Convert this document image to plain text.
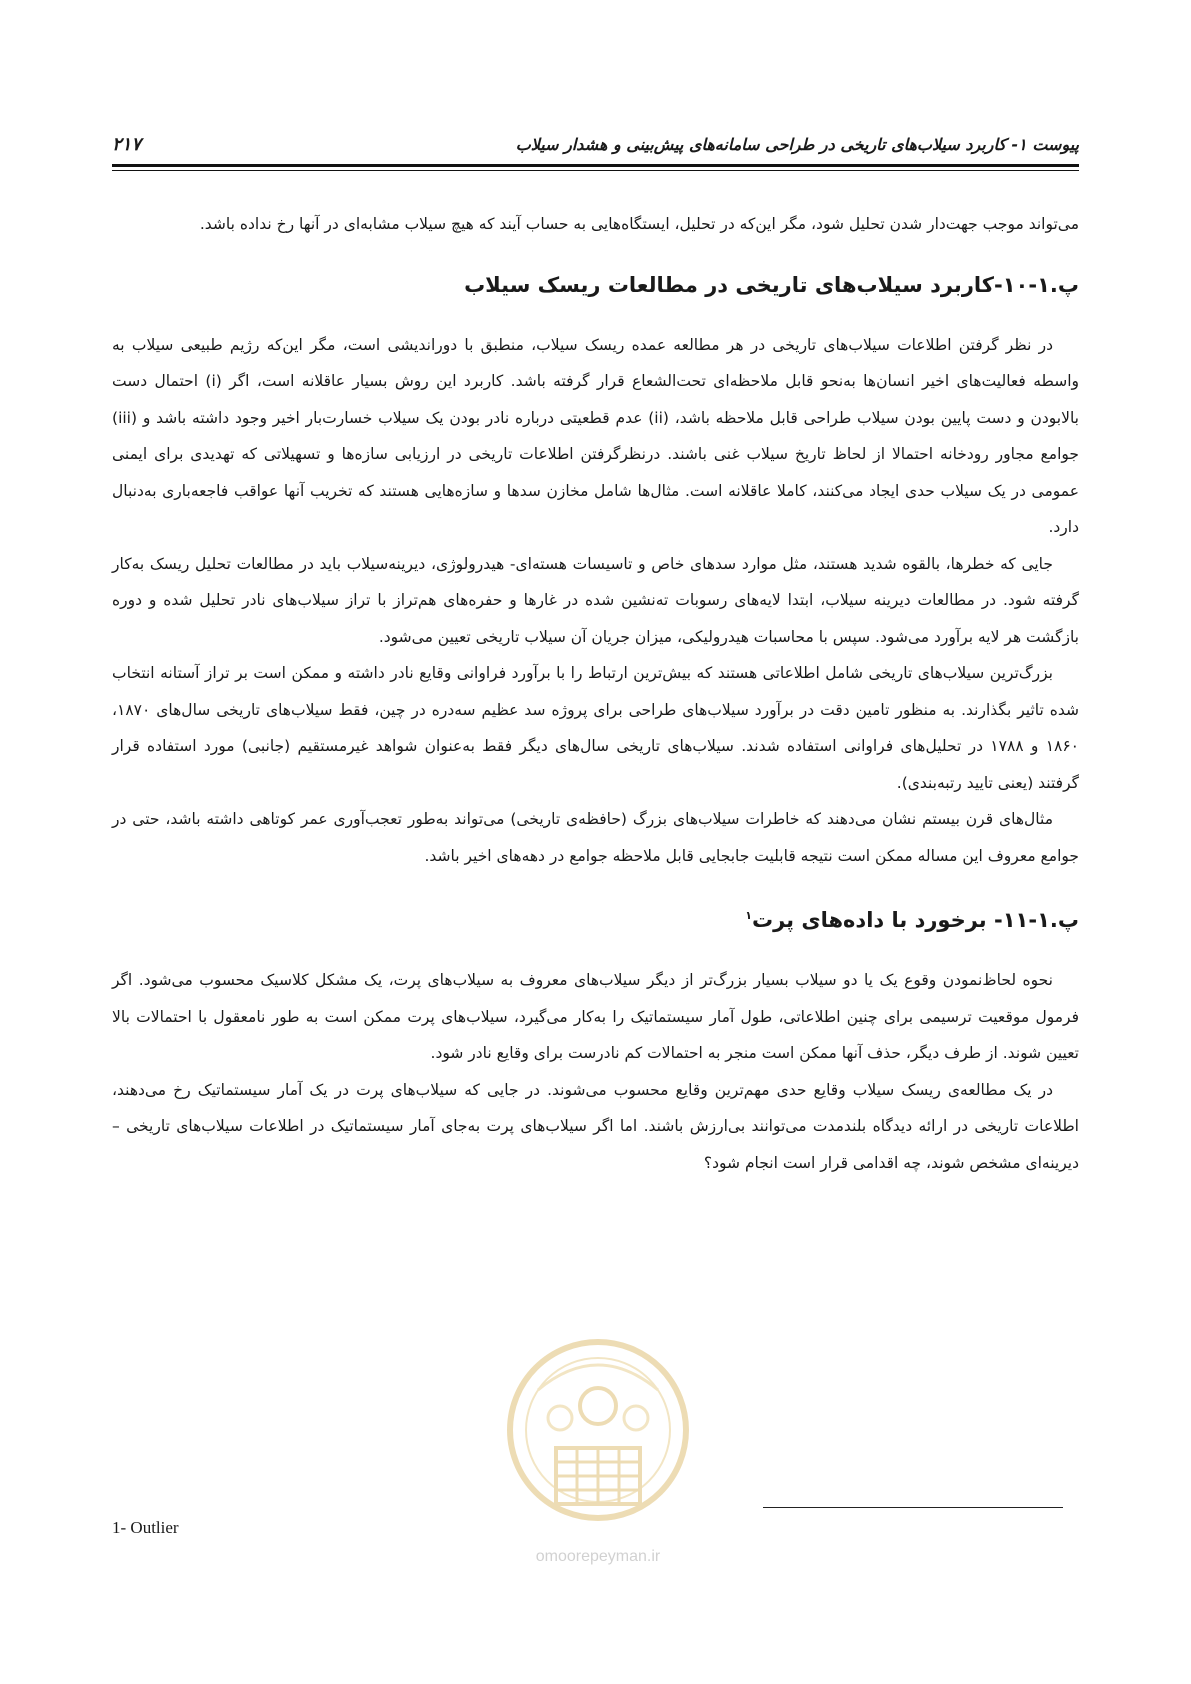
پیوست ۱- کاربرد سیلاب‌های تاریخی در طراحی سامانه‌های پیش‌بینی و هشدار سیلاب
۲۱۷

می‌تواند موجب جهت‌دار شدن تحلیل شود، مگر این‌که در تحلیل، ایستگاه‌هایی به حساب آیند که هیچ سیلاب مشابه‌ای در آنها رخ نداده باشد.

پ.۱-۱۰-کاربرد سیلاب‌های تاریخی در مطالعات ریسک سیلاب

در نظر گرفتن اطلاعات سیلاب‌های تاریخی در هر مطالعه عمده ریسک سیلاب، منطبق با دوراندیشی است، مگر این‌که رژیم طبیعی سیلاب به واسطه فعالیت‌های اخیر انسان‌ها به‌نحو قابل ملاحظه‌ای تحت‌الشعاع قرار گرفته باشد. کاربرد این روش بسیار عاقلانه است، اگر (i) احتمال دست بالابودن و دست پایین بودن سیلاب طراحی قابل ملاحظه باشد، (ii) عدم قطعیتی درباره نادر بودن یک سیلاب خسارت‌بار اخیر وجود داشته باشد و (iii) جوامع مجاور رودخانه احتمالا از لحاظ تاریخ سیلاب غنی باشند. درنظرگرفتن اطلاعات تاریخی در ارزیابی سازه‌ها و تسهیلاتی که تهدیدی برای ایمنی عمومی در یک سیلاب حدی ایجاد می‌کنند، کاملا عاقلانه است. مثال‌ها شامل مخازن سدها و سازه‌هایی هستند که تخریب آنها عواقب فاجعه‌باری به‌دنبال دارد.

جایی که خطرها، بالقوه شدید هستند، مثل موارد سدهای خاص و تاسیسات هسته‌ای- هیدرولوژی، دیرینه‌سیلاب باید در مطالعات تحلیل ریسک به‌کار گرفته شود. در مطالعات دیرینه سیلاب، ابتدا لایه‌های رسوبات ته‌نشین شده در غارها و حفره‌های هم‌تراز با تراز سیلاب‌های نادر تحلیل شده و دوره بازگشت هر لایه برآورد می‌شود. سپس با محاسبات هیدرولیکی، میزان جریان آن سیلاب تاریخی تعیین می‌شود.

بزرگ‌ترین سیلاب‌های تاریخی شامل اطلاعاتی هستند که بیش‌ترین ارتباط را با برآورد فراوانی وقایع نادر داشته و ممکن است بر تراز آستانه انتخاب شده تاثیر بگذارند. به منظور تامین دقت در برآورد سیلاب‌های طراحی برای پروژه سد عظیم سه‌دره در چین، فقط سیلاب‌های تاریخی سال‌های ۱۸۷۰، ۱۸۶۰ و ۱۷۸۸ در تحلیل‌های فراوانی استفاده شدند. سیلاب‌های تاریخی سال‌های دیگر فقط به‌عنوان شواهد غیرمستقیم (جانبی) مورد استفاده قرار گرفتند (یعنی تایید رتبه‌بندی).

مثال‌های قرن بیستم نشان می‌دهند که خاطرات سیلاب‌های بزرگ (حافظه‌ی تاریخی) می‌تواند به‌طور تعجب‌آوری عمر کوتاهی داشته باشد، حتی در جوامع معروف این مساله ممکن است نتیجه قابلیت جابجایی قابل ملاحظه جوامع در دهه‌های اخیر باشد.

پ.۱-۱۱- برخورد با داده‌های پرت$^۱$

نحوه لحاظ‌نمودن وقوع یک یا دو سیلاب بسیار بزرگ‌تر از دیگر سیلاب‌های معروف به سیلاب‌های پرت، یک مشکل کلاسیک محسوب می‌شود. اگر فرمول موقعیت ترسیمی برای چنین اطلاعاتی، طول آمار سیستماتیک را به‌کار می‌گیرد، سیلاب‌های پرت ممکن است به طور نامعقول با احتمالات بالا تعیین شوند. از طرف دیگر، حذف آنها ممکن است منجر به احتمالات کم نادرست برای وقایع نادر شود.

در یک مطالعه‌ی ریسک سیلاب وقایع حدی مهم‌ترین وقایع محسوب می‌شوند. در جایی که سیلاب‌های پرت در یک آمار سیستماتیک رخ می‌دهند، اطلاعات تاریخی در ارائه دیدگاه بلندمدت می‌توانند بی‌ارزش باشند. اما اگر سیلاب‌های پرت به‌جای آمار سیستماتیک در اطلاعات سیلاب‌های تاریخی – دیرینه‌ای مشخص شوند، چه اقدامی قرار است انجام شود؟

1- Outlier
omoorepeyman.ir
